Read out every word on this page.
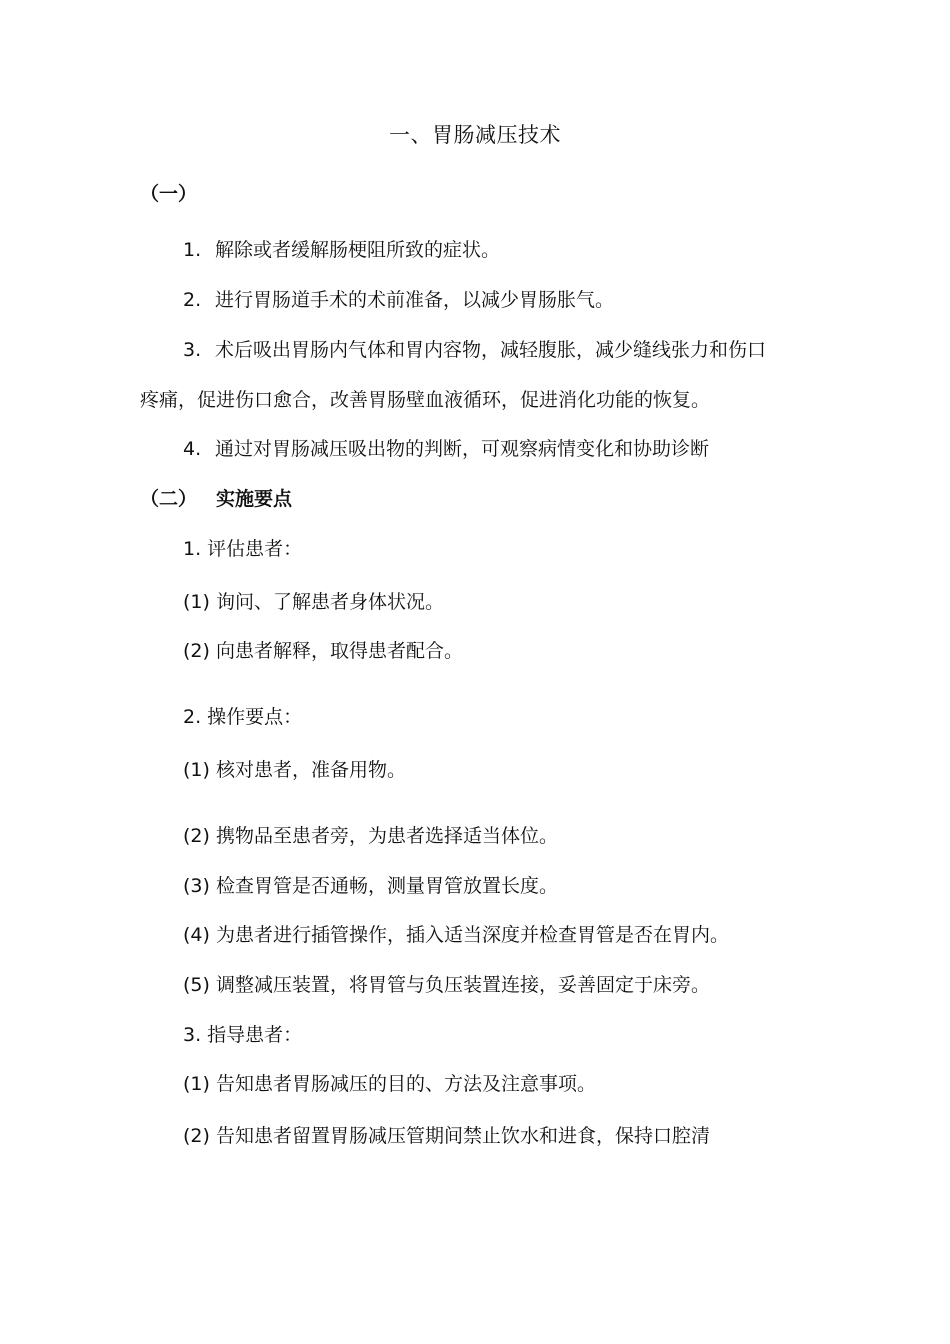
一、胃肠减压技术
（一）
1. 解除或者缓解肠梗阻所致的症状。
2. 进行胃肠道手术的术前准备，以减少胃肠胀气。
3. 术后吸出胃肠内气体和胃内容物，减轻腹胀，减少缝线张力和伤口
疼痛，促进伤口愈合，改善胃肠壁血液循环，促进消化功能的恢复。
4. 通过对胃肠减压吸出物的判断，可观察病情变化和协助诊断
（二） 实施要点
1. 评估患者：
(1) 询问、了解患者身体状况。
(2) 向患者解释，取得患者配合。
2. 操作要点：
(1) 核对患者，准备用物。
(2) 携物品至患者旁，为患者选择适当体位。
(3) 检查胃管是否通畅，测量胃管放置长度。
(4) 为患者进行插管操作，插入适当深度并检查胃管是否在胃内。
(5) 调整减压装置，将胃管与负压装置连接，妥善固定于床旁。
3. 指导患者：
(1) 告知患者胃肠减压的目的、方法及注意事项。
(2) 告知患者留置胃肠减压管期间禁止饮水和进食，保持口腔清
